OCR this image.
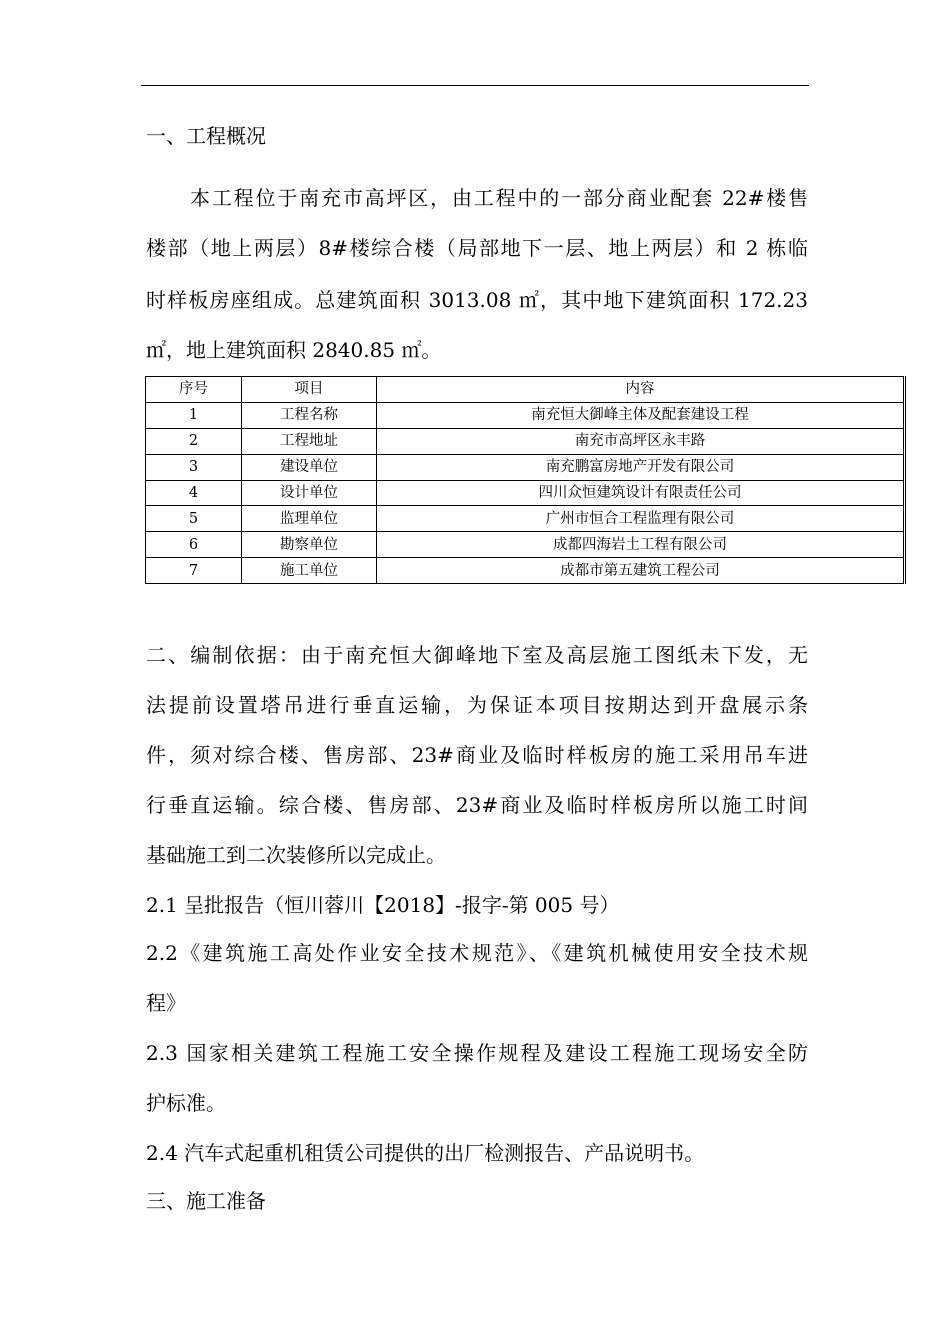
一、工程概况
本工程位于南充市高坪区，由工程中的一部分商业配套 22#楼售
楼部（地上两层）8#楼综合楼（局部地下一层、地上两层）和 2 栋临
时样板房座组成。总建筑面积 3013.08 ㎡，其中地下建筑面积 172.23
㎡，地上建筑面积 2840.85 ㎡。
序号	项目	内容
1	工程名称	南充恒大御峰主体及配套建设工程
2	工程地址	南充市高坪区永丰路
3	建设单位	南充鹏富房地产开发有限公司
4	设计单位	四川众恒建筑设计有限责任公司
5	监理单位	广州市恒合工程监理有限公司
6	勘察单位	成都四海岩土工程有限公司
7	施工单位	成都市第五建筑工程公司
二、编制依据：由于南充恒大御峰地下室及高层施工图纸未下发，无
法提前设置塔吊进行垂直运输，为保证本项目按期达到开盘展示条
件，须对综合楼、售房部、23#商业及临时样板房的施工采用吊车进
行垂直运输。综合楼、售房部、23#商业及临时样板房所以施工时间
基础施工到二次装修所以完成止。
2.1 呈批报告（恒川蓉川【2018】-报字-第 005 号）
2.2《建筑施工高处作业安全技术规范》、《建筑机械使用安全技术规
程》
2.3 国家相关建筑工程施工安全操作规程及建设工程施工现场安全防
护标准。
2.4 汽车式起重机租赁公司提供的出厂检测报告、产品说明书。
三、施工准备
